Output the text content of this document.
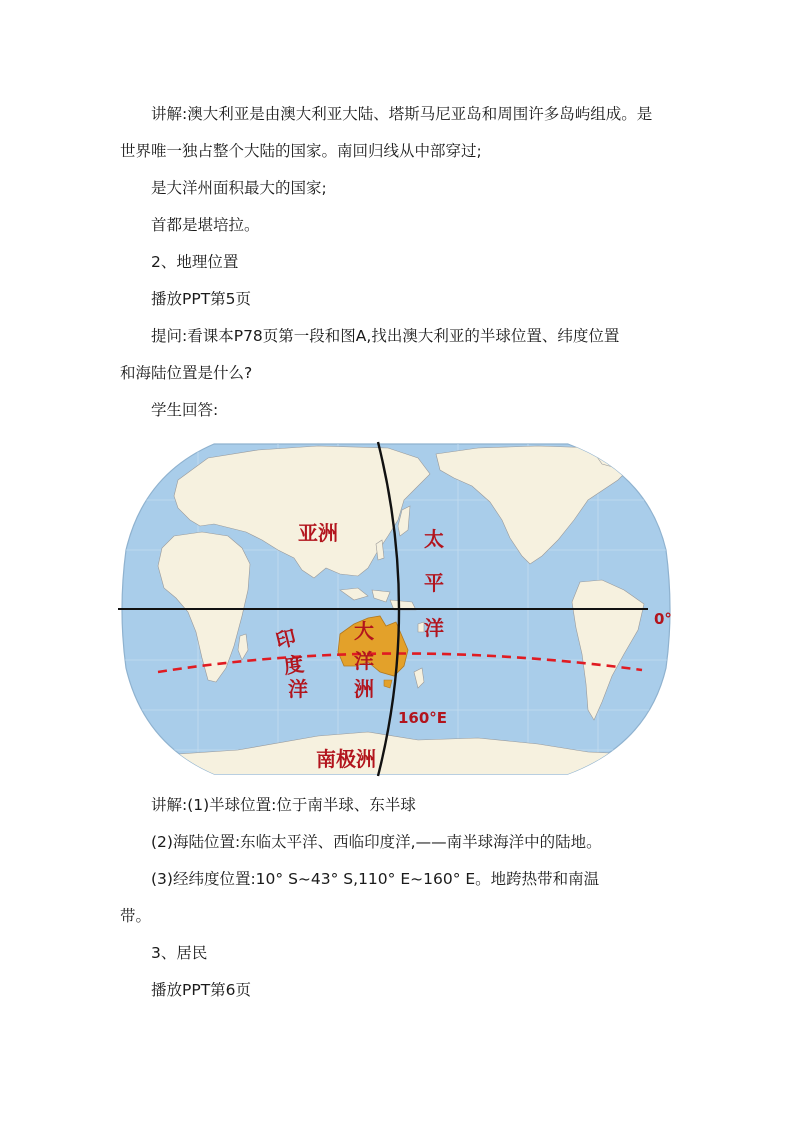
讲解:澳大利亚是由澳大利亚大陆、塔斯马尼亚岛和周围许多岛屿组成。是
世界唯一独占整个大陆的国家。南回归线从中部穿过;
是大洋州面积最大的国家;
首都是堪培拉。
2、地理位置
播放PPT第5页
提问:看课本P78页第一段和图A,找出澳大利亚的半球位置、纬度位置
和海陆位置是什么?
学生回答:
亚洲	太
平
洋
印
度
洋
大
洋
洲
南极洲
0°
160°E
讲解:(1)半球位置:位于南半球、东半球
(2)海陆位置:东临太平洋、西临印度洋,——南半球海洋中的陆地。
(3)经纬度位置:10° S~43° S,110° E~160° E。地跨热带和南温
带。
3、居民
播放PPT第6页
